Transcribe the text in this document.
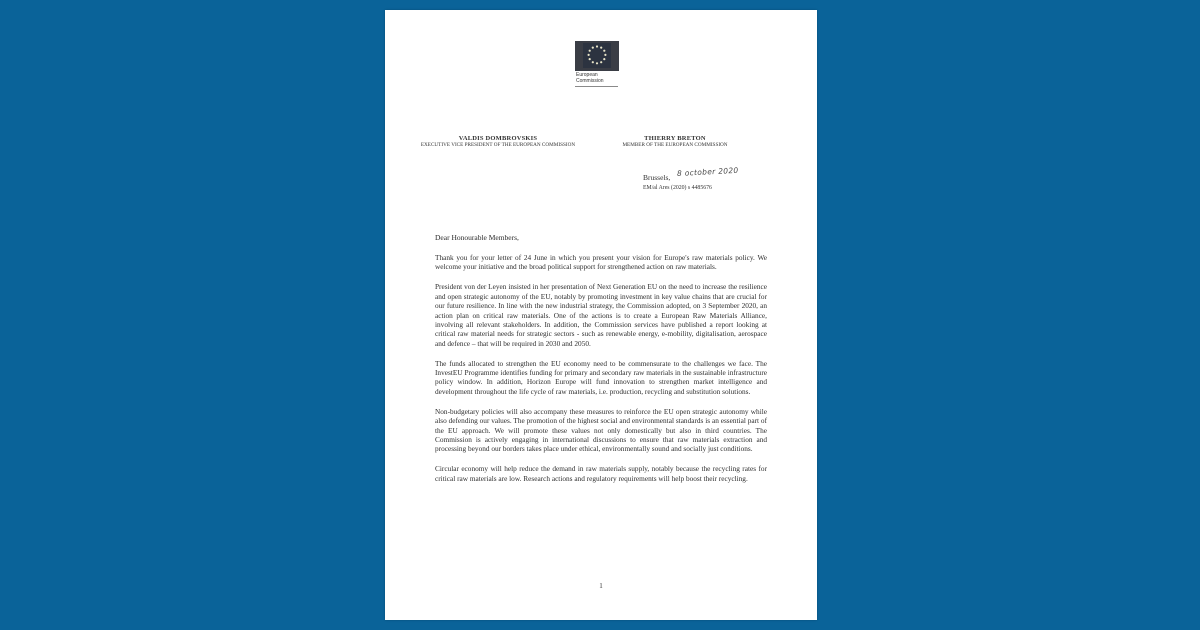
European Commission
VALDIS DOMBROVSKIS
EXECUTIVE VICE PRESIDENT OF THE EUROPEAN COMMISSION
THIERRY BRETON
MEMBER OF THE EUROPEAN COMMISSION
Brussels, 8 october 2020
EM/al Ares (2020) s 4485676
Dear Honourable Members,

Thank you for your letter of 24 June in which you present your vision for Europe's raw materials policy. We welcome your initiative and the broad political support for strengthened action on raw materials.

President von der Leyen insisted in her presentation of Next Generation EU on the need to increase the resilience and open strategic autonomy of the EU, notably by promoting investment in key value chains that are crucial for our future resilience. In line with the new industrial strategy, the Commission adopted, on 3 September 2020, an action plan on critical raw materials. One of the actions is to create a European Raw Materials Alliance, involving all relevant stakeholders. In addition, the Commission services have published a report looking at critical raw material needs for strategic sectors - such as renewable energy, e-mobility, digitalisation, aerospace and defence – that will be required in 2030 and 2050.

The funds allocated to strengthen the EU economy need to be commensurate to the challenges we face. The InvestEU Programme identifies funding for primary and secondary raw materials in the sustainable infrastructure policy window. In addition, Horizon Europe will fund innovation to strengthen market intelligence and development throughout the life cycle of raw materials, i.e. production, recycling and substitution solutions.

Non-budgetary policies will also accompany these measures to reinforce the EU open strategic autonomy while also defending our values. The promotion of the highest social and environmental standards is an essential part of the EU approach. We will promote these values not only domestically but also in third countries. The Commission is actively engaging in international discussions to ensure that raw materials extraction and processing beyond our borders takes place under ethical, environmentally sound and socially just conditions.

Circular economy will help reduce the demand in raw materials supply, notably because the recycling rates for critical raw materials are low. Research actions and regulatory requirements will help boost their recycling.

1
